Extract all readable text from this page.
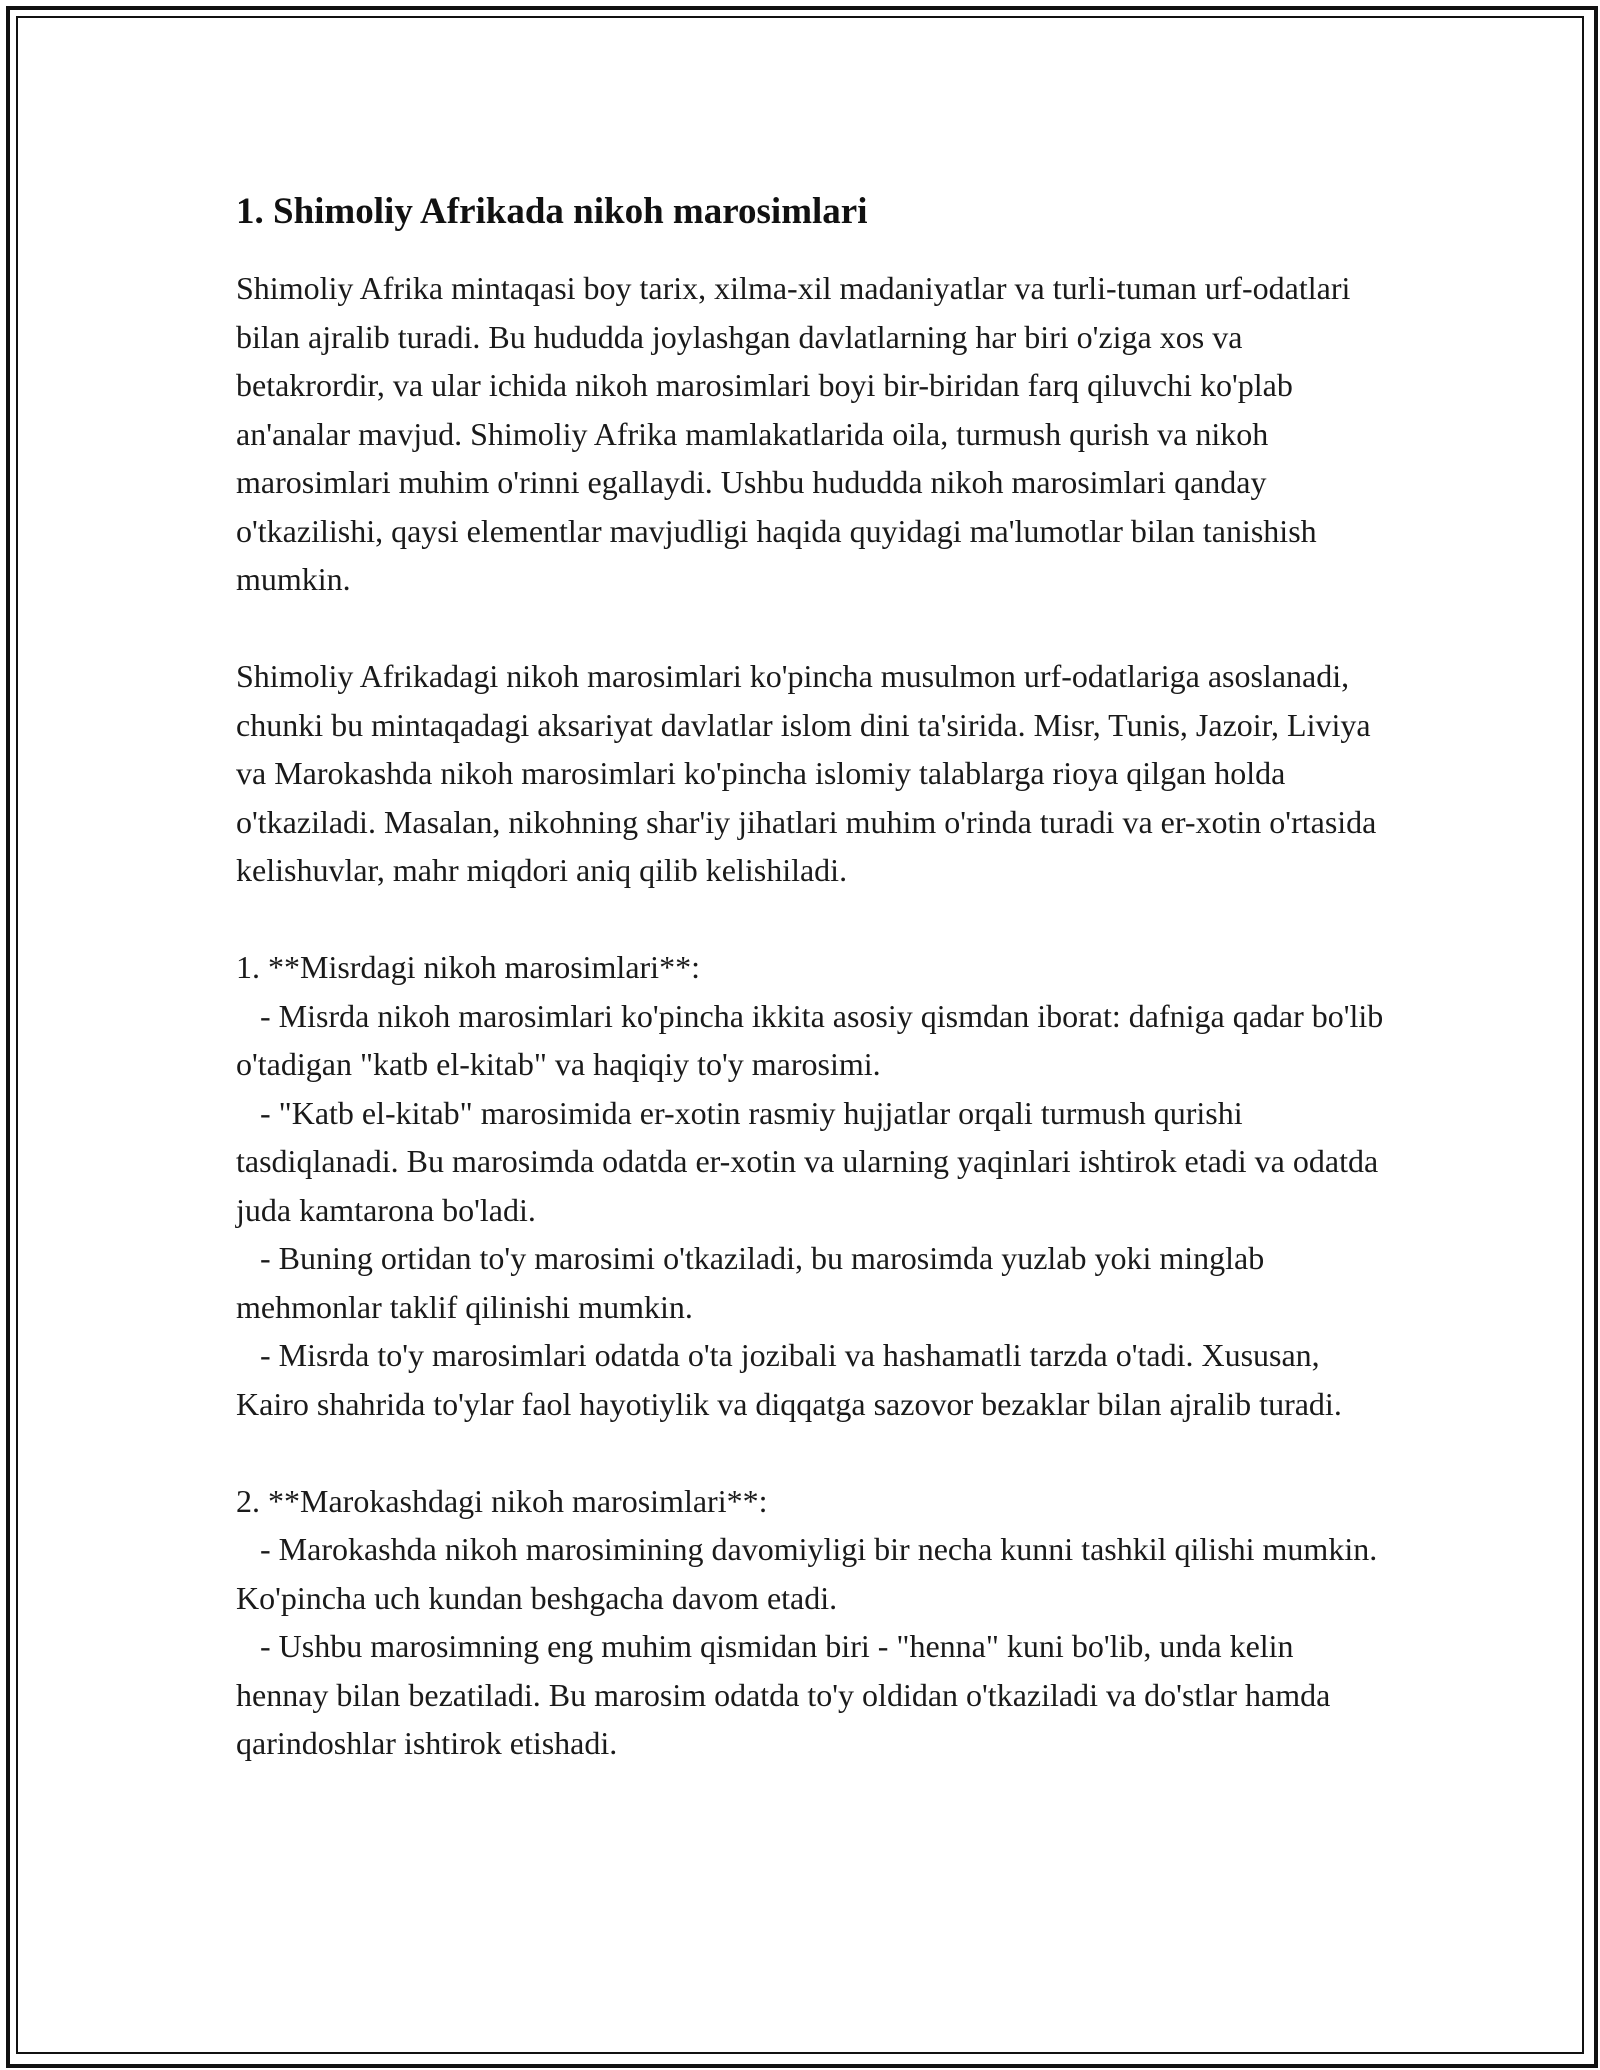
1. Shimoliy Afrikada nikoh marosimlari

Shimoliy Afrika mintaqasi boy tarix, xilma-xil madaniyatlar va turli-tuman urf-odatlari bilan ajralib turadi. Bu hududda joylashgan davlatlarning har biri o'ziga xos va betakrordir, va ular ichida nikoh marosimlari boyi bir-biridan farq qiluvchi ko'plab an'analar mavjud. Shimoliy Afrika mamlakatlarida oila, turmush qurish va nikoh marosimlari muhim o'rinni egallaydi. Ushbu hududda nikoh marosimlari qanday o'tkazilishi, qaysi elementlar mavjudligi haqida quyidagi ma'lumotlar bilan tanishish mumkin.

Shimoliy Afrikadagi nikoh marosimlari ko'pincha musulmon urf-odatlariga asoslanadi, chunki bu mintaqadagi aksariyat davlatlar islom dini ta'sirida. Misr, Tunis, Jazoir, Liviya va Marokashda nikoh marosimlari ko'pincha islomiy talablarga rioya qilgan holda o'tkaziladi. Masalan, nikohning shar'iy jihatlari muhim o'rinda turadi va er-xotin o'rtasida kelishuvlar, mahr miqdori aniq qilib kelishiladi.

1. **Misrdagi nikoh marosimlari**:

- Misrda nikoh marosimlari ko'pincha ikkita asosiy qismdan iborat: dafniga qadar bo'lib o'tadigan "katb el-kitab" va haqiqiy to'y marosimi.

- "Katb el-kitab" marosimida er-xotin rasmiy hujjatlar orqali turmush qurishi tasdiqlanadi. Bu marosimda odatda er-xotin va ularning yaqinlari ishtirok etadi va odatda juda kamtarona bo'ladi.

- Buning ortidan to'y marosimi o'tkaziladi, bu marosimda yuzlab yoki minglab mehmonlar taklif qilinishi mumkin.

- Misrda to'y marosimlari odatda o'ta jozibali va hashamatli tarzda o'tadi. Xususan, Kairo shahrida to'ylar faol hayotiylik va diqqatga sazovor bezaklar bilan ajralib turadi.

2. **Marokashdagi nikoh marosimlari**:

- Marokashda nikoh marosimining davomiyligi bir necha kunni tashkil qilishi mumkin. Ko'pincha uch kundan beshgacha davom etadi.

- Ushbu marosimning eng muhim qismidan biri - "henna" kuni bo'lib, unda kelin hennay bilan bezatiladi. Bu marosim odatda to'y oldidan o'tkaziladi va do'stlar hamda qarindoshlar ishtirok etishadi.
